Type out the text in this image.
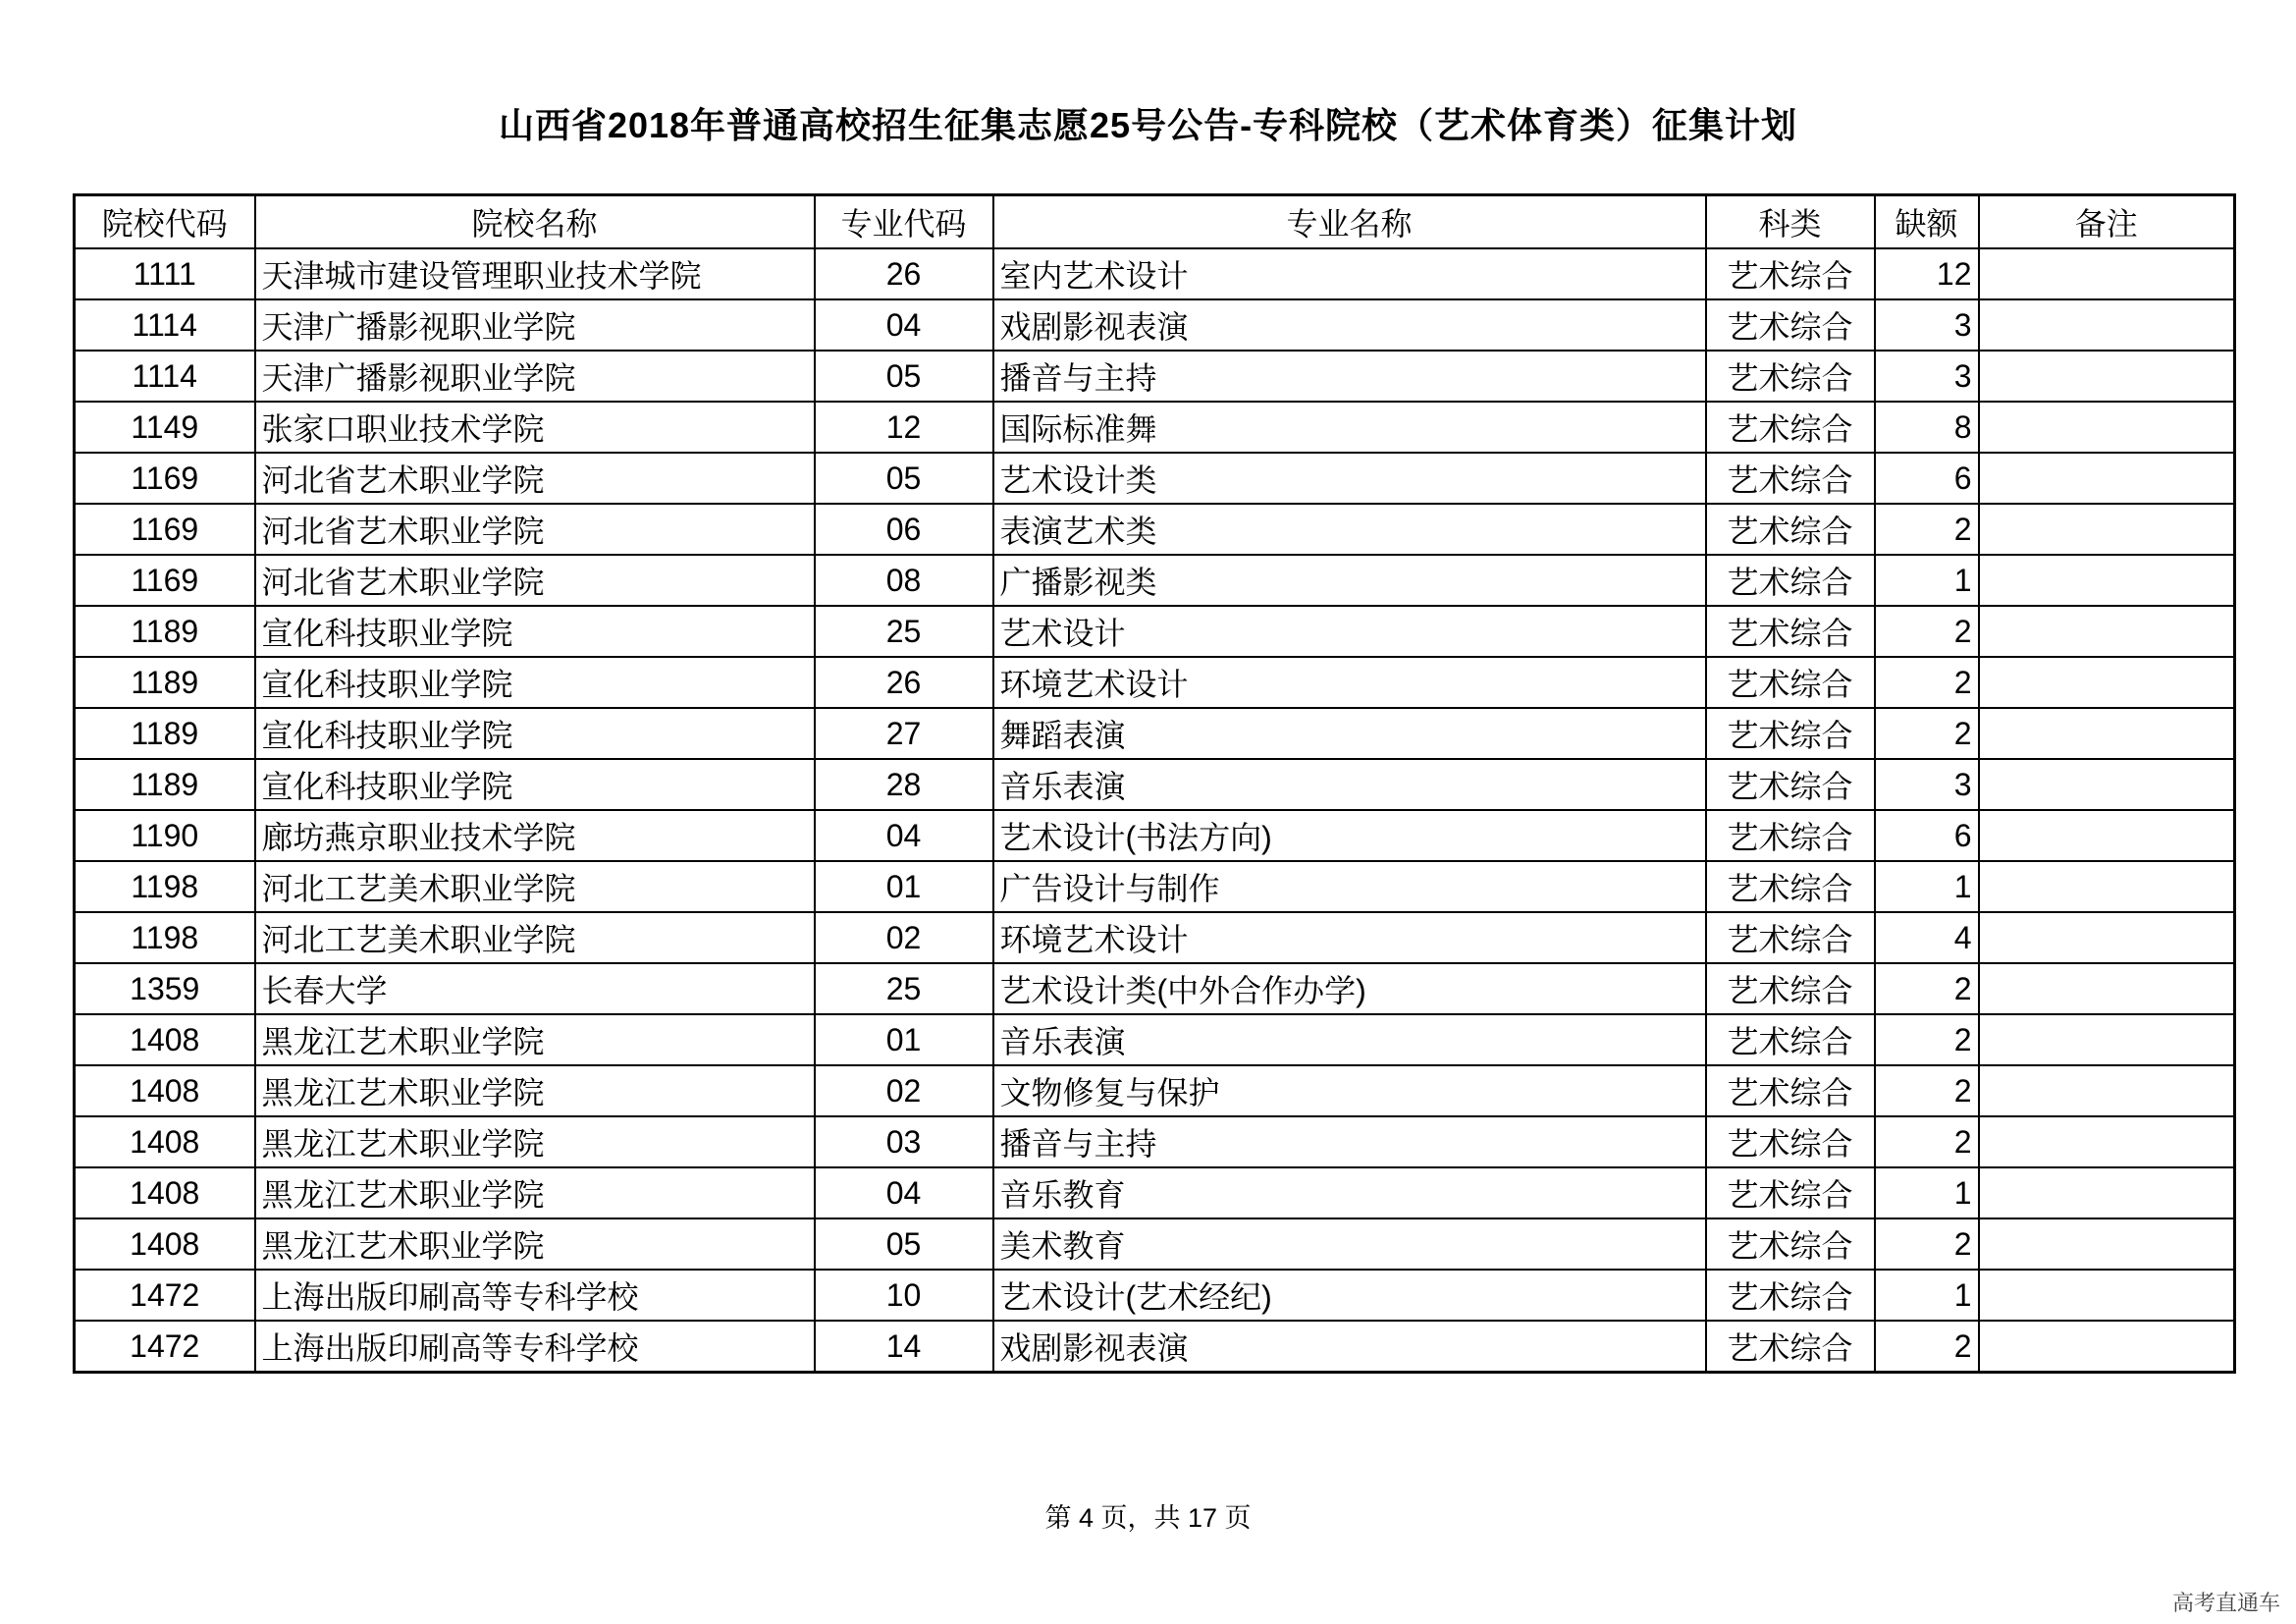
山西省2018年普通高校招生征集志愿25号公告-专科院校（艺术体育类）征集计划
院校代码	院校名称	专业代码	专业名称	科类	缺额	备注
1111	天津城市建设管理职业技术学院	26	室内艺术设计	艺术综合	12	
1114	天津广播影视职业学院	04	戏剧影视表演	艺术综合	3	
1114	天津广播影视职业学院	05	播音与主持	艺术综合	3	
1149	张家口职业技术学院	12	国际标准舞	艺术综合	8	
1169	河北省艺术职业学院	05	艺术设计类	艺术综合	6	
1169	河北省艺术职业学院	06	表演艺术类	艺术综合	2	
1169	河北省艺术职业学院	08	广播影视类	艺术综合	1	
1189	宣化科技职业学院	25	艺术设计	艺术综合	2	
1189	宣化科技职业学院	26	环境艺术设计	艺术综合	2	
1189	宣化科技职业学院	27	舞蹈表演	艺术综合	2	
1189	宣化科技职业学院	28	音乐表演	艺术综合	3	
1190	廊坊燕京职业技术学院	04	艺术设计(书法方向)	艺术综合	6	
1198	河北工艺美术职业学院	01	广告设计与制作	艺术综合	1	
1198	河北工艺美术职业学院	02	环境艺术设计	艺术综合	4	
1359	长春大学	25	艺术设计类(中外合作办学)	艺术综合	2	
1408	黑龙江艺术职业学院	01	音乐表演	艺术综合	2	
1408	黑龙江艺术职业学院	02	文物修复与保护	艺术综合	2	
1408	黑龙江艺术职业学院	03	播音与主持	艺术综合	2	
1408	黑龙江艺术职业学院	04	音乐教育	艺术综合	1	
1408	黑龙江艺术职业学院	05	美术教育	艺术综合	2	
1472	上海出版印刷高等专科学校	10	艺术设计(艺术经纪)	艺术综合	1	
1472	上海出版印刷高等专科学校	14	戏剧影视表演	艺术综合	2	
第 4 页，共 17 页
高考直通车
